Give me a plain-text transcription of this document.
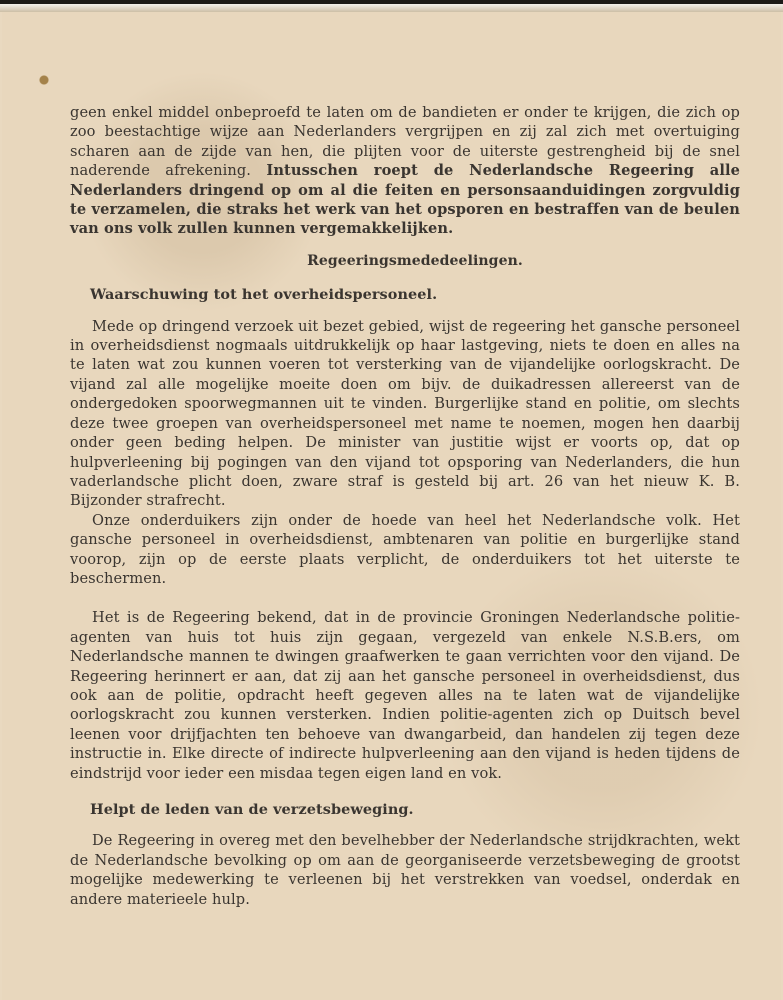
geen enkel middel onbeproefd te laten om de bandieten er onder te krijgen, die zich op zoo beestachtige wijze aan Nederlanders vergrijpen en zij zal zich met overtuiging scharen aan de zijde van hen, die plijten voor de uiterste gestrengheid bij de snel naderende afrekening. Intusschen roept de Nederlandsche Regeering alle Nederlanders dringend op om al die feiten en personsaanduidingen zorgvuldig te verzamelen, die straks het werk van het opsporen en bestraffen van de beulen van ons volk zullen kunnen vergemakkelijken.

Regeeringsmededeelingen.
Waarschuwing tot het overheidspersoneel.

Mede op dringend verzoek uit bezet gebied, wijst de regeering het gansche personeel in overheidsdienst nogmaals uitdrukkelijk op haar lastgeving, niets te doen en alles na te laten wat zou kunnen voeren tot versterking van de vijandelijke oorlogskracht. De vijand zal alle mogelijke moeite doen om bijv. de duikadressen allereerst van de ondergedoken spoorwegmannen uit te vinden. Burgerlijke stand en politie, om slechts deze twee groepen van overheidspersoneel met name te noemen, mogen hen daarbij onder geen beding helpen. De minister van justitie wijst er voorts op, dat op hulpverleening bij pogingen van den vijand tot opsporing van Nederlanders, die hun vaderlandsche plicht doen, zware straf is gesteld bij art. 26 van het nieuw K. B. Bijzonder strafrecht.

Onze onderduikers zijn onder de hoede van heel het Nederlandsche volk. Het gansche personeel in overheidsdienst, ambtenaren van politie en burgerlijke stand voorop, zijn op de eerste plaats verplicht, de onderduikers tot het uiterste te beschermen.

Het is de Regeering bekend, dat in de provincie Groningen Nederlandsche politie-agenten van huis tot huis zijn gegaan, vergezeld van enkele N.S.B.ers, om Nederlandsche mannen te dwingen graafwerken te gaan verrichten voor den vijand. De Regeering herinnert er aan, dat zij aan het gansche personeel in overheidsdienst, dus ook aan de politie, opdracht heeft gegeven alles na te laten wat de vijandelijke oorlogskracht zou kunnen versterken. Indien politie-agenten zich op Duitsch bevel leenen voor drijfjachten ten behoeve van dwangarbeid, dan handelen zij tegen deze instructie in. Elke directe of indirecte hulpverleening aan den vijand is heden tijdens de eindstrijd voor ieder een misdaa tegen eigen land en vok.

Helpt de leden van de verzetsbeweging.

De Regeering in overeg met den bevelhebber der Nederlandsche strijdkrachten, wekt de Nederlandsche bevolking op om aan de georganiseerde verzetsbeweging de grootst mogelijke medewerking te verleenen bij het verstrekken van voedsel, onderdak en andere materieele hulp.
